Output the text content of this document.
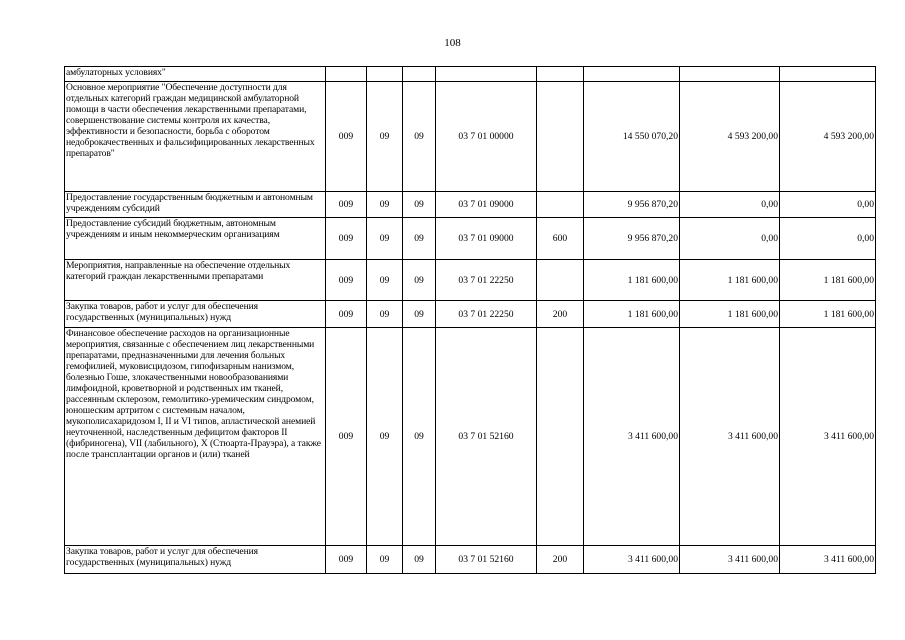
108
амбулаторных условиях"								
Основное мероприятие "Обеспечение доступности для отдельных категорий граждан медицинской амбулаторной помощи в части обеспечения лекарственными препаратами, совершенствование системы контроля их качества, эффективности и безопасности, борьба с оборотом недоброкачественных и фальсифицированных лекарственных препаратов"	009	09	09	03 7 01 00000		14 550 070,20	4 593 200,00	4 593 200,00
Предоставление государственным бюджетным и автономным учреждениям субсидий	009	09	09	03 7 01 09000		9 956 870,20	0,00	0,00
Предоставление субсидий бюджетным, автономным учреждениям и иным некоммерческим организациям	009	09	09	03 7 01 09000	600	9 956 870,20	0,00	0,00
Мероприятия, направленные на обеспечение отдельных категорий граждан лекарственными препаратами	009	09	09	03 7 01 22250		1 181 600,00	1 181 600,00	1 181 600,00
Закупка товаров, работ и услуг для обеспечения государственных (муниципальных) нужд	009	09	09	03 7 01 22250	200	1 181 600,00	1 181 600,00	1 181 600,00
Финансовое обеспечение расходов на организационные мероприятия, связанные с обеспечением лиц лекарственными препаратами, предназначенными для лечения больных гемофилией, муковисцидозом, гипофизарным нанизмом, болезнью Гоше, злокачественными новообразованиями лимфоидной, кроветворной и родственных им тканей, рассеянным склерозом, гемолитико-уремическим синдромом, юношеским артритом с системным началом, мукополисахаридозом I, II и VI типов, апластической анемией неуточненной, наследственным дефицитом факторов II (фибриногена), VII (лабильного), X (Стюарта-Прауэра), а также после трансплантации органов и (или) тканей	009	09	09	03 7 01 52160		3 411 600,00	3 411 600,00	3 411 600,00
Закупка товаров, работ и услуг для обеспечения государственных (муниципальных) нужд	009	09	09	03 7 01 52160	200	3 411 600,00	3 411 600,00	3 411 600,00
